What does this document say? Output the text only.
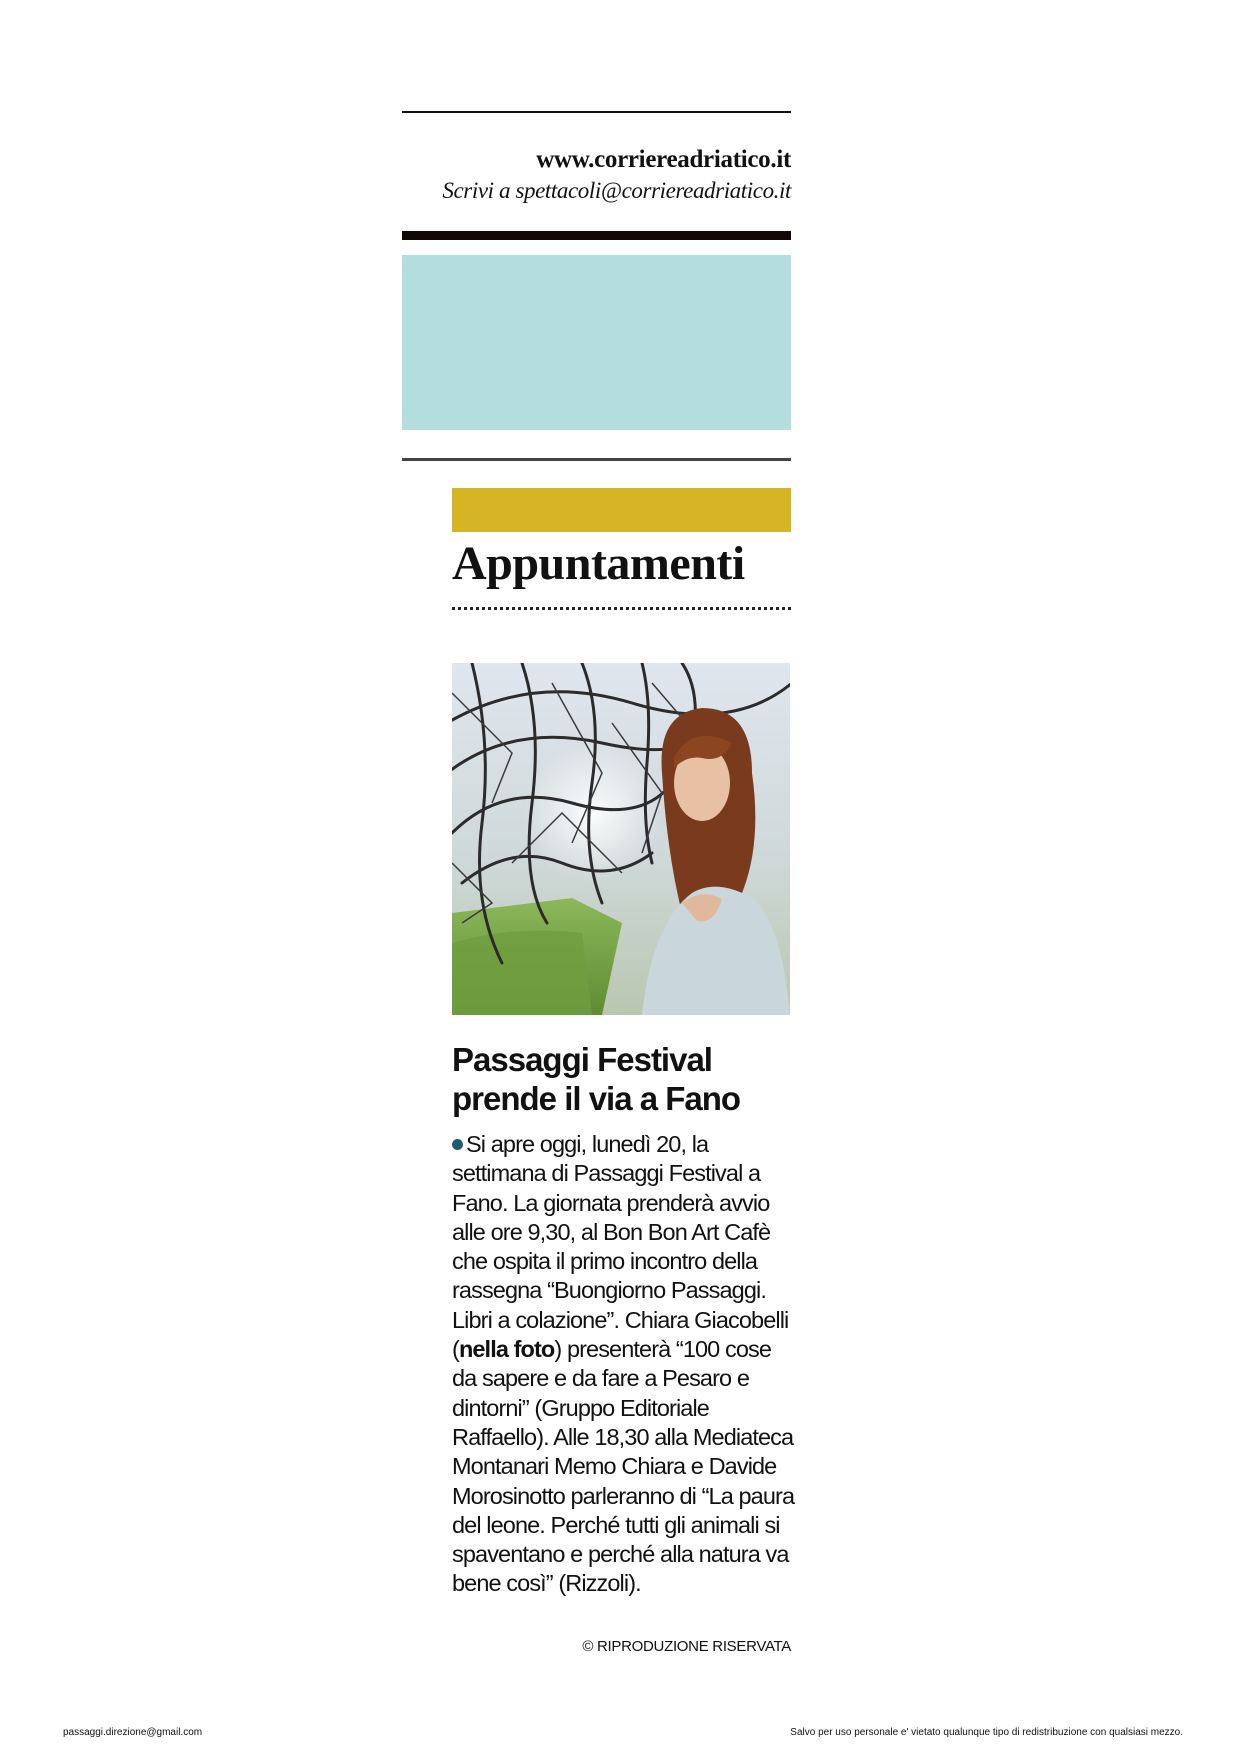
www.corriereadriatico.it
Scrivi a spettacoli@corriereadriatico.it
Appuntamenti
Passaggi Festival
prende il via a Fano

Si apre oggi, lunedì 20, la settimana di Passaggi Festival a Fano. La giornata prenderà avvio alle ore 9,30, al Bon Bon Art Cafè che ospita il primo incontro della rassegna “Buongiorno Passaggi. Libri a colazione”. Chiara Giacobelli (nella foto) presenterà “100 cose da sapere e da fare a Pesaro e dintorni” (Gruppo Editoriale Raffaello). Alle 18,30 alla Mediateca Montanari Memo Chiara e Davide Morosinotto parleranno di “La paura del leone. Perché tutti gli animali si spaventano e perché alla natura va bene così” (Rizzoli).

© RIPRODUZIONE RISERVATA
passaggi.direzione@gmail.com	Salvo per uso personale e' vietato qualunque tipo di redistribuzione con qualsiasi mezzo.
